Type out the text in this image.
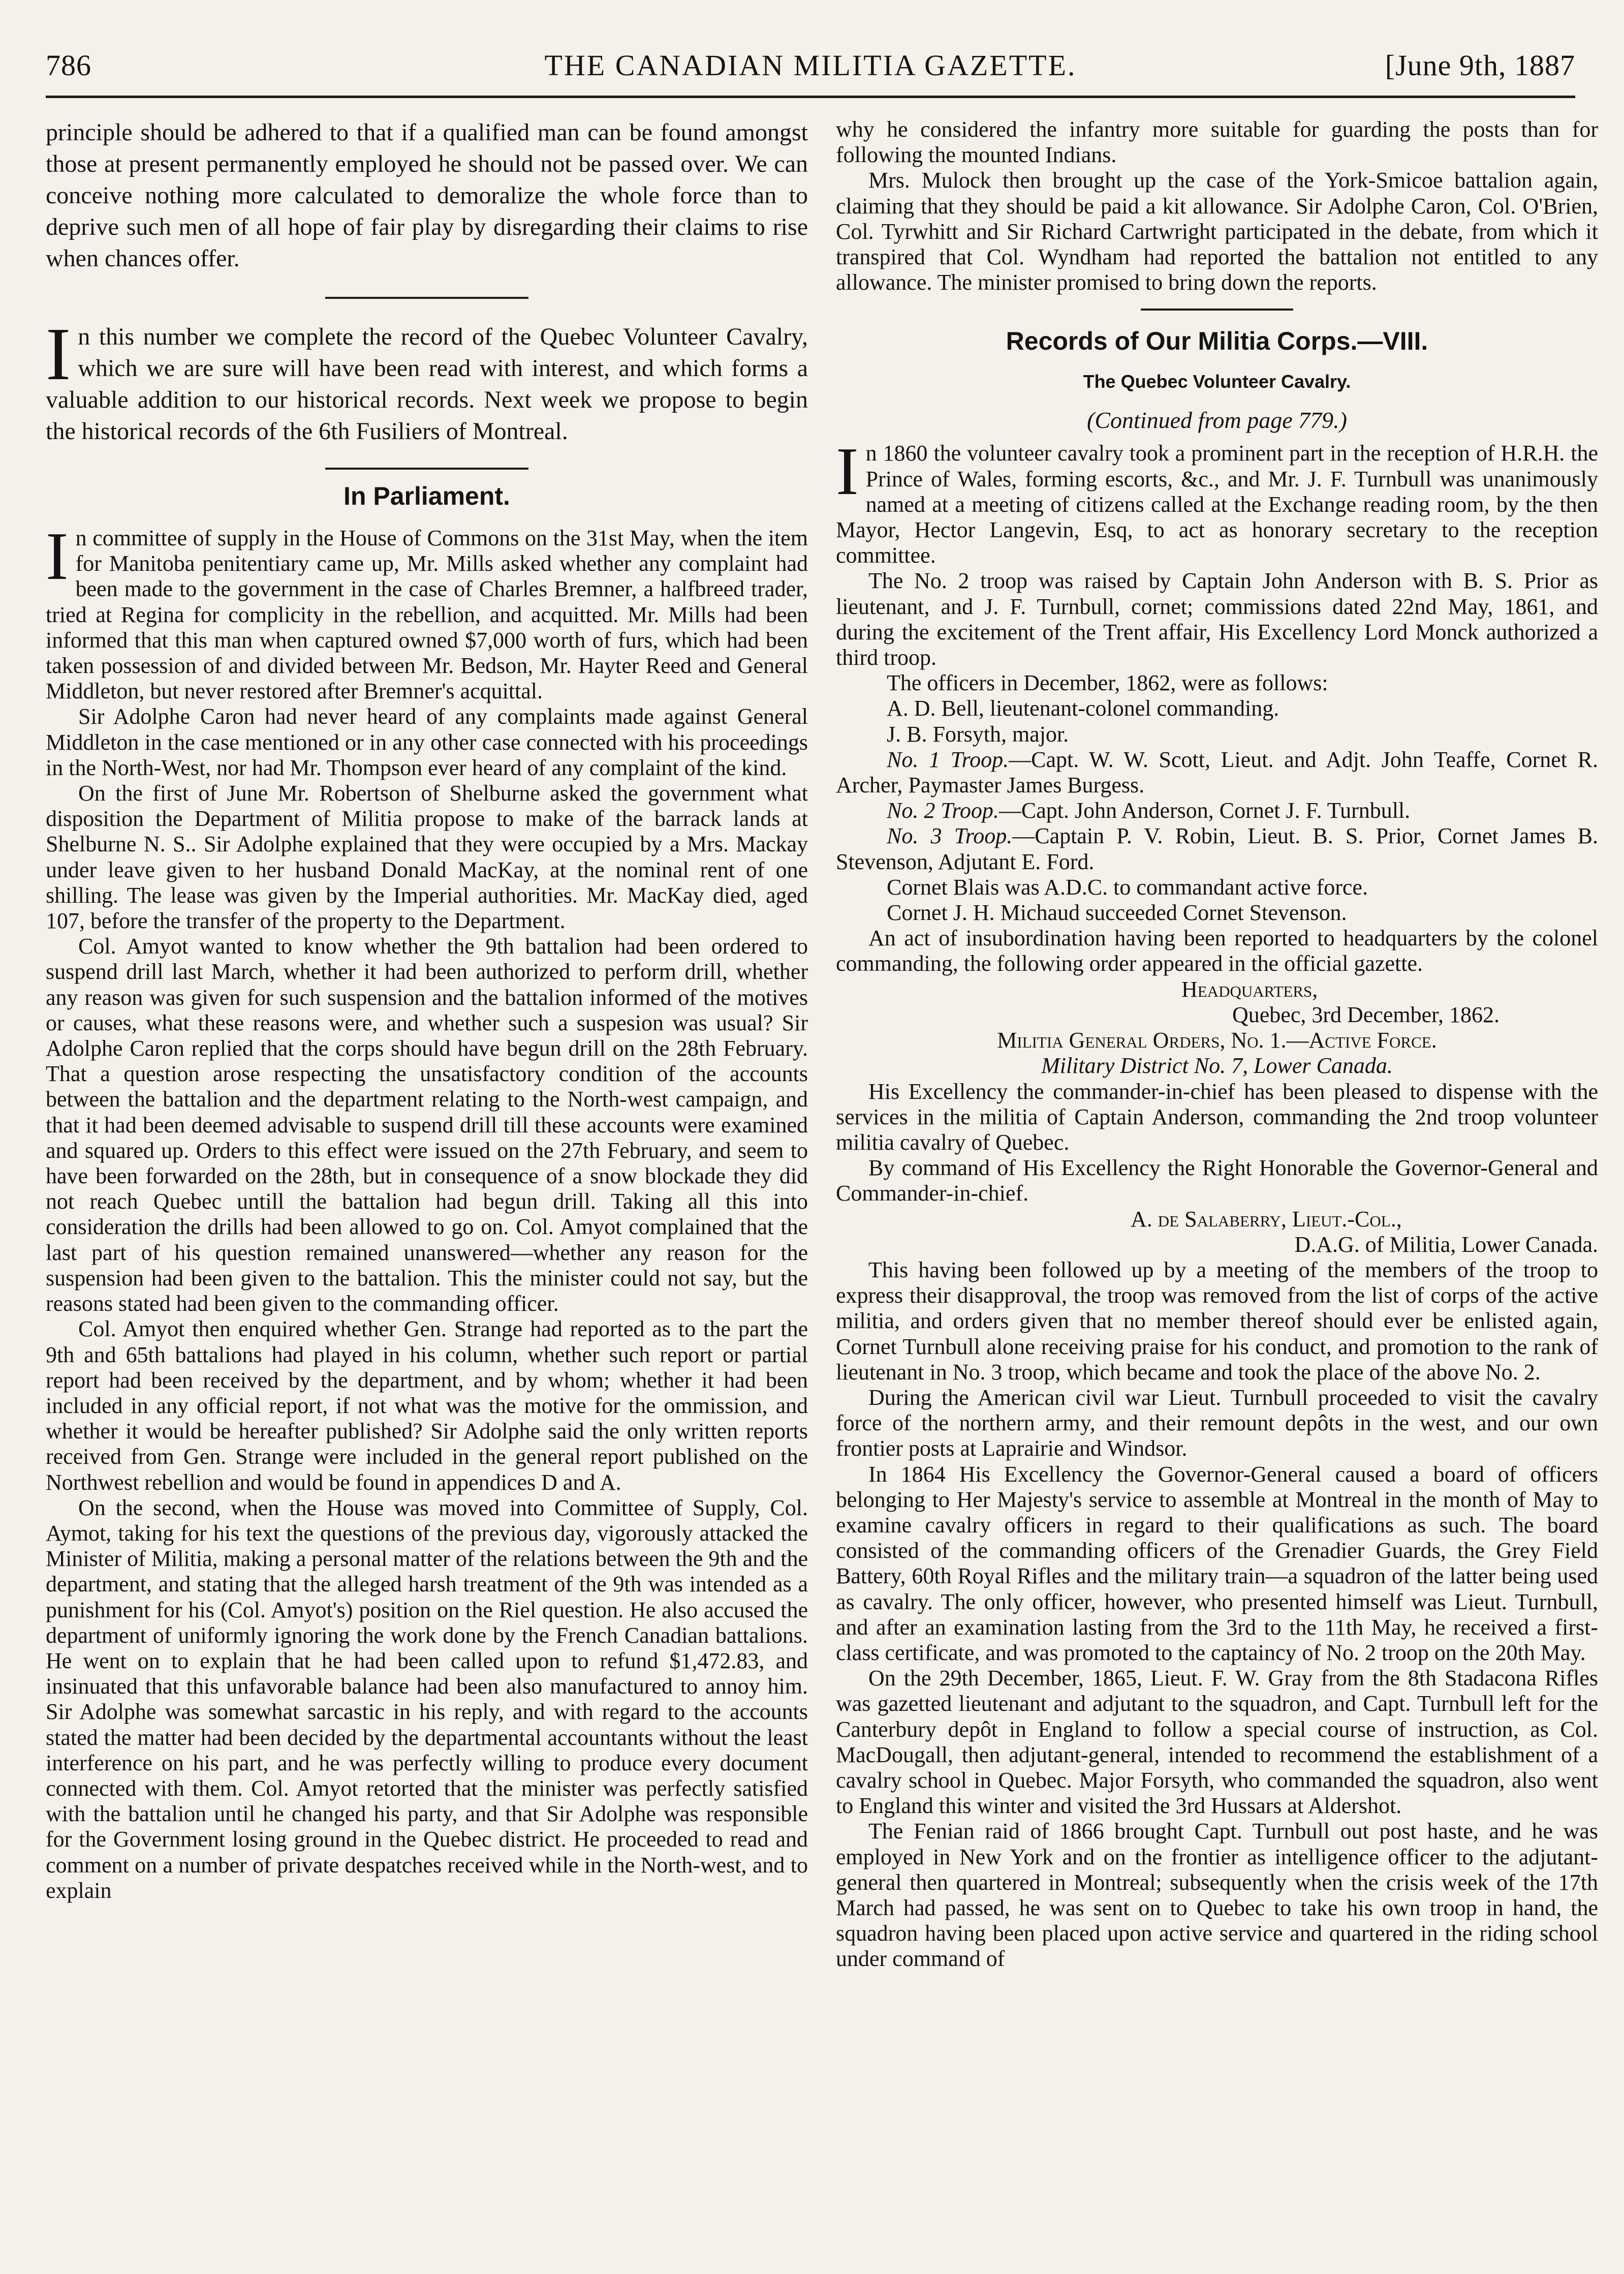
786	THE CANADIAN MILITIA GAZETTE.	[June 9th, 1887

principle should be adhered to that if a qualified man can be found amongst those at present permanently employed he should not be passed over. We can conceive nothing more calculated to demoralize the whole force than to deprive such men of all hope of fair play by disregarding their claims to rise when chances offer.

In this number we complete the record of the Quebec Volunteer Cavalry, which we are sure will have been read with interest, and which forms a valuable addition to our historical records. Next week we propose to begin the historical records of the 6th Fusiliers of Montreal.

In Parliament.

In committee of supply in the House of Commons on the 31st May, when the item for Manitoba penitentiary came up, Mr. Mills asked whether any complaint had been made to the government in the case of Charles Bremner, a halfbreed trader, tried at Regina for complicity in the rebellion, and acquitted. Mr. Mills had been informed that this man when captured owned $7,000 worth of furs, which had been taken possession of and divided between Mr. Bedson, Mr. Hayter Reed and General Middleton, but never restored after Bremner's acquittal.

Sir Adolphe Caron had never heard of any complaints made against General Middleton in the case mentioned or in any other case connected with his proceedings in the North-West, nor had Mr. Thompson ever heard of any complaint of the kind.

On the first of June Mr. Robertson of Shelburne asked the government what disposition the Department of Militia propose to make of the barrack lands at Shelburne N. S.. Sir Adolphe explained that they were occupied by a Mrs. Mackay under leave given to her husband Donald MacKay, at the nominal rent of one shilling. The lease was given by the Imperial authorities. Mr. MacKay died, aged 107, before the transfer of the property to the Department.

Col. Amyot wanted to know whether the 9th battalion had been ordered to suspend drill last March, whether it had been authorized to perform drill, whether any reason was given for such suspension and the battalion informed of the motives or causes, what these reasons were, and whether such a suspesion was usual? Sir Adolphe Caron replied that the corps should have begun drill on the 28th February. That a question arose respecting the unsatisfactory condition of the accounts between the battalion and the department relating to the North-west campaign, and that it had been deemed advisable to suspend drill till these accounts were examined and squared up. Orders to this effect were issued on the 27th February, and seem to have been forwarded on the 28th, but in consequence of a snow blockade they did not reach Quebec untill the battalion had begun drill. Taking all this into consideration the drills had been allowed to go on. Col. Amyot complained that the last part of his question remained unanswered—whether any reason for the suspension had been given to the battalion. This the minister could not say, but the reasons stated had been given to the commanding officer.

Col. Amyot then enquired whether Gen. Strange had reported as to the part the 9th and 65th battalions had played in his column, whether such report or partial report had been received by the department, and by whom; whether it had been included in any official report, if not what was the motive for the ommission, and whether it would be hereafter published? Sir Adolphe said the only written reports received from Gen. Strange were included in the general report published on the Northwest rebellion and would be found in appendices D and A.

On the second, when the House was moved into Committee of Supply, Col. Aymot, taking for his text the questions of the previous day, vigorously attacked the Minister of Militia, making a personal matter of the relations between the 9th and the department, and stating that the alleged harsh treatment of the 9th was intended as a punishment for his (Col. Amyot's) position on the Riel question. He also accused the department of uniformly ignoring the work done by the French Canadian battalions. He went on to explain that he had been called upon to refund $1,472.83, and insinuated that this unfavorable balance had been also manufactured to annoy him. Sir Adolphe was somewhat sarcastic in his reply, and with regard to the accounts stated the matter had been decided by the departmental accountants without the least interference on his part, and he was perfectly willing to produce every document connected with them. Col. Amyot retorted that the minister was perfectly satisfied with the battalion until he changed his party, and that Sir Adolphe was responsible for the Government losing ground in the Quebec district. He proceeded to read and comment on a number of private despatches received while in the North-west, and to explain

why he considered the infantry more suitable for guarding the posts than for following the mounted Indians.

Mrs. Mulock then brought up the case of the York-Smicoe battalion again, claiming that they should be paid a kit allowance. Sir Adolphe Caron, Col. O'Brien, Col. Tyrwhitt and Sir Richard Cartwright participated in the debate, from which it transpired that Col. Wyndham had reported the battalion not entitled to any allowance. The minister promised to bring down the reports.

Records of Our Militia Corps.—VIII.
The Quebec Volunteer Cavalry.
(Continued from page 779.)

In 1860 the volunteer cavalry took a prominent part in the reception of H.R.H. the Prince of Wales, forming escorts, &c., and Mr. J. F. Turnbull was unanimously named at a meeting of citizens called at the Exchange reading room, by the then Mayor, Hector Langevin, Esq, to act as honorary secretary to the reception committee.

The No. 2 troop was raised by Captain John Anderson with B. S. Prior as lieutenant, and J. F. Turnbull, cornet; commissions dated 22nd May, 1861, and during the excitement of the Trent affair, His Excellency Lord Monck authorized a third troop.

The officers in December, 1862, were as follows:

A. D. Bell, lieutenant-colonel commanding.

J. B. Forsyth, major.

No. 1 Troop.—Capt. W. W. Scott, Lieut. and Adjt. John Teaffe, Cornet R. Archer, Paymaster James Burgess.

No. 2 Troop.—Capt. John Anderson, Cornet J. F. Turnbull.

No. 3 Troop.—Captain P. V. Robin, Lieut. B. S. Prior, Cornet James B. Stevenson, Adjutant E. Ford.

Cornet Blais was A.D.C. to commandant active force.

Cornet J. H. Michaud succeeded Cornet Stevenson.

An act of insubordination having been reported to headquarters by the colonel commanding, the following order appeared in the official gazette.

Headquarters,

Quebec, 3rd December, 1862.

Militia General Orders, No. 1.—Active Force.

Military District No. 7, Lower Canada.

His Excellency the commander-in-chief has been pleased to dispense with the services in the militia of Captain Anderson, commanding the 2nd troop volunteer militia cavalry of Quebec.

By command of His Excellency the Right Honorable the Governor-General and Commander-in-chief.

A. de Salaberry, Lieut.-Col.,

D.A.G. of Militia, Lower Canada.

This having been followed up by a meeting of the members of the troop to express their disapproval, the troop was removed from the list of corps of the active militia, and orders given that no member thereof should ever be enlisted again, Cornet Turnbull alone receiving praise for his conduct, and promotion to the rank of lieutenant in No. 3 troop, which became and took the place of the above No. 2.

During the American civil war Lieut. Turnbull proceeded to visit the cavalry force of the northern army, and their remount depôts in the west, and our own frontier posts at Laprairie and Windsor.

In 1864 His Excellency the Governor-General caused a board of officers belonging to Her Majesty's service to assemble at Montreal in the month of May to examine cavalry officers in regard to their qualifications as such. The board consisted of the commanding officers of the Grenadier Guards, the Grey Field Battery, 60th Royal Rifles and the military train—a squadron of the latter being used as cavalry. The only officer, however, who presented himself was Lieut. Turnbull, and after an examination lasting from the 3rd to the 11th May, he received a first-class certificate, and was promoted to the captaincy of No. 2 troop on the 20th May.

On the 29th December, 1865, Lieut. F. W. Gray from the 8th Stadacona Rifles was gazetted lieutenant and adjutant to the squadron, and Capt. Turnbull left for the Canterbury depôt in England to follow a special course of instruction, as Col. MacDougall, then adjutant-general, intended to recommend the establishment of a cavalry school in Quebec. Major Forsyth, who commanded the squadron, also went to England this winter and visited the 3rd Hussars at Aldershot.

The Fenian raid of 1866 brought Capt. Turnbull out post haste, and he was employed in New York and on the frontier as intelligence officer to the adjutant-general then quartered in Montreal; subsequently when the crisis week of the 17th March had passed, he was sent on to Quebec to take his own troop in hand, the squadron having been placed upon active service and quartered in the riding school under command of
